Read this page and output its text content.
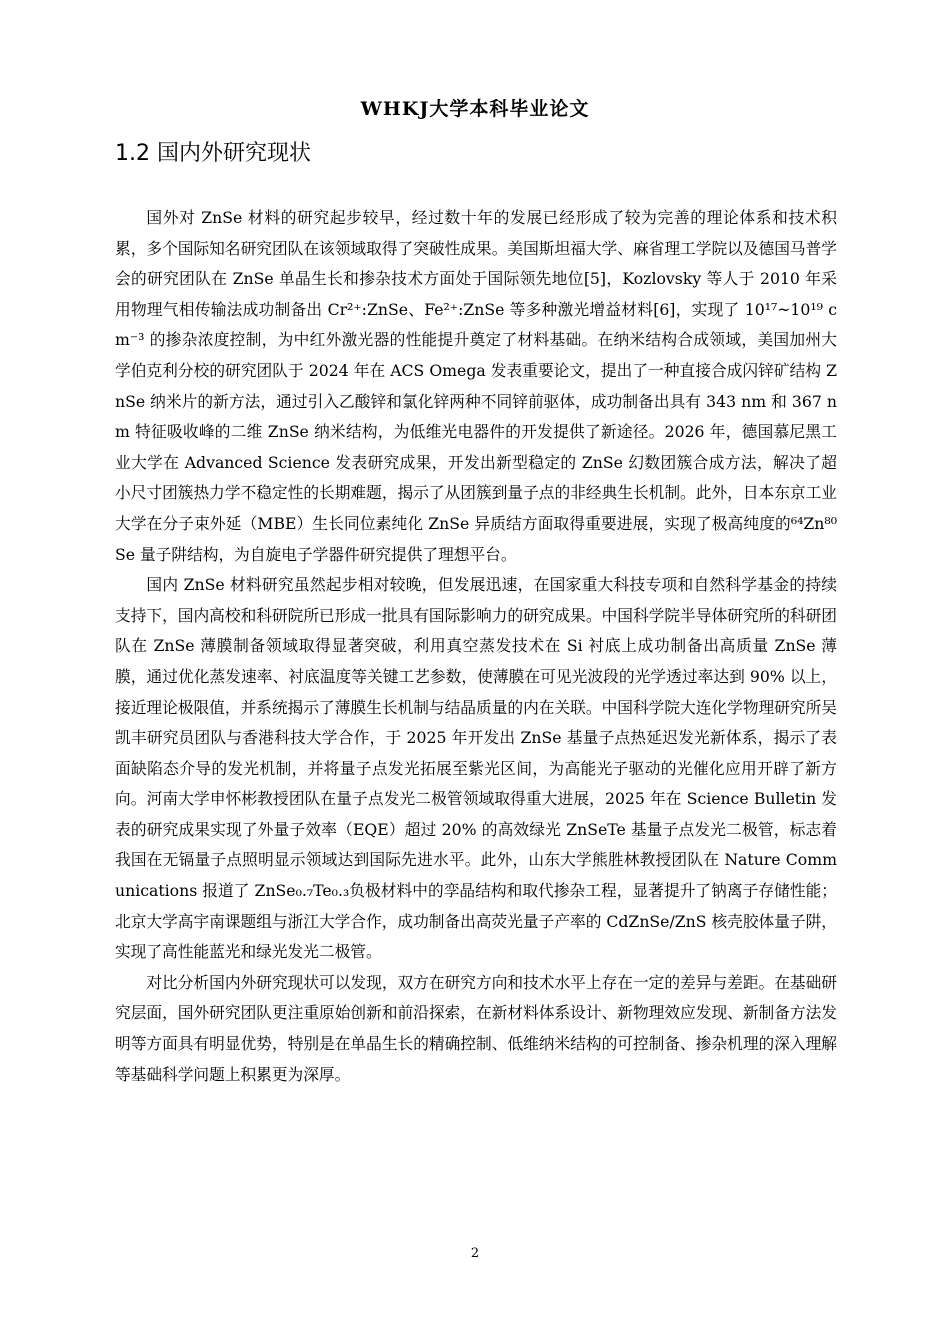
WHKJ大学本科毕业论文
1.2 国内外研究现状

国外对 ZnSe 材料的研究起步较早，经过数十年的发展已经形成了较为完善的理论体系和技术积累，多个国际知名研究团队在该领域取得了突破性成果。美国斯坦福大学、麻省理工学院以及德国马普学会的研究团队在 ZnSe 单晶生长和掺杂技术方面处于国际领先地位[5]，Kozlovsky 等人于 2010 年采用物理气相传输法成功制备出 Cr²⁺:ZnSe、Fe²⁺:ZnSe 等多种激光增益材料[6]，实现了 10¹⁷~10¹⁹ cm⁻³ 的掺杂浓度控制，为中红外激光器的性能提升奠定了材料基础。在纳米结构合成领域，美国加州大学伯克利分校的研究团队于 2024 年在 ACS Omega 发表重要论文，提出了一种直接合成闪锌矿结构 ZnSe 纳米片的新方法，通过引入乙酸锌和氯化锌两种不同锌前驱体，成功制备出具有 343 nm 和 367 nm 特征吸收峰的二维 ZnSe 纳米结构，为低维光电器件的开发提供了新途径。2026 年，德国慕尼黑工业大学在 Advanced Science 发表研究成果，开发出新型稳定的 ZnSe 幻数团簇合成方法，解决了超小尺寸团簇热力学不稳定性的长期难题，揭示了从团簇到量子点的非经典生长机制。此外，日本东京工业大学在分子束外延（MBE）生长同位素纯化 ZnSe 异质结方面取得重要进展，实现了极高纯度的⁶⁴Zn⁸⁰Se 量子阱结构，为自旋电子学器件研究提供了理想平台。

国内 ZnSe 材料研究虽然起步相对较晚，但发展迅速，在国家重大科技专项和自然科学基金的持续支持下，国内高校和科研院所已形成一批具有国际影响力的研究成果。中国科学院半导体研究所的科研团队在 ZnSe 薄膜制备领域取得显著突破，利用真空蒸发技术在 Si 衬底上成功制备出高质量 ZnSe 薄膜，通过优化蒸发速率、衬底温度等关键工艺参数，使薄膜在可见光波段的光学透过率达到 90% 以上，接近理论极限值，并系统揭示了薄膜生长机制与结晶质量的内在关联。中国科学院大连化学物理研究所吴凯丰研究员团队与香港科技大学合作，于 2025 年开发出 ZnSe 基量子点热延迟发光新体系，揭示了表面缺陷态介导的发光机制，并将量子点发光拓展至紫光区间，为高能光子驱动的光催化应用开辟了新方向。河南大学申怀彬教授团队在量子点发光二极管领域取得重大进展，2025 年在 Science Bulletin 发表的研究成果实现了外量子效率（EQE）超过 20% 的高效绿光 ZnSeTe 基量子点发光二极管，标志着我国在无镉量子点照明显示领域达到国际先进水平。此外，山东大学熊胜林教授团队在 Nature Communications 报道了 ZnSe₀.₇Te₀.₃负极材料中的孪晶结构和取代掺杂工程，显著提升了钠离子存储性能；北京大学高宇南课题组与浙江大学合作，成功制备出高荧光量子产率的 CdZnSe/ZnS 核壳胶体量子阱，实现了高性能蓝光和绿光发光二极管。

对比分析国内外研究现状可以发现，双方在研究方向和技术水平上存在一定的差异与差距。在基础研究层面，国外研究团队更注重原始创新和前沿探索，在新材料体系设计、新物理效应发现、新制备方法发明等方面具有明显优势，特别是在单晶生长的精确控制、低维纳米结构的可控制备、掺杂机理的深入理解等基础科学问题上积累更为深厚。

2
